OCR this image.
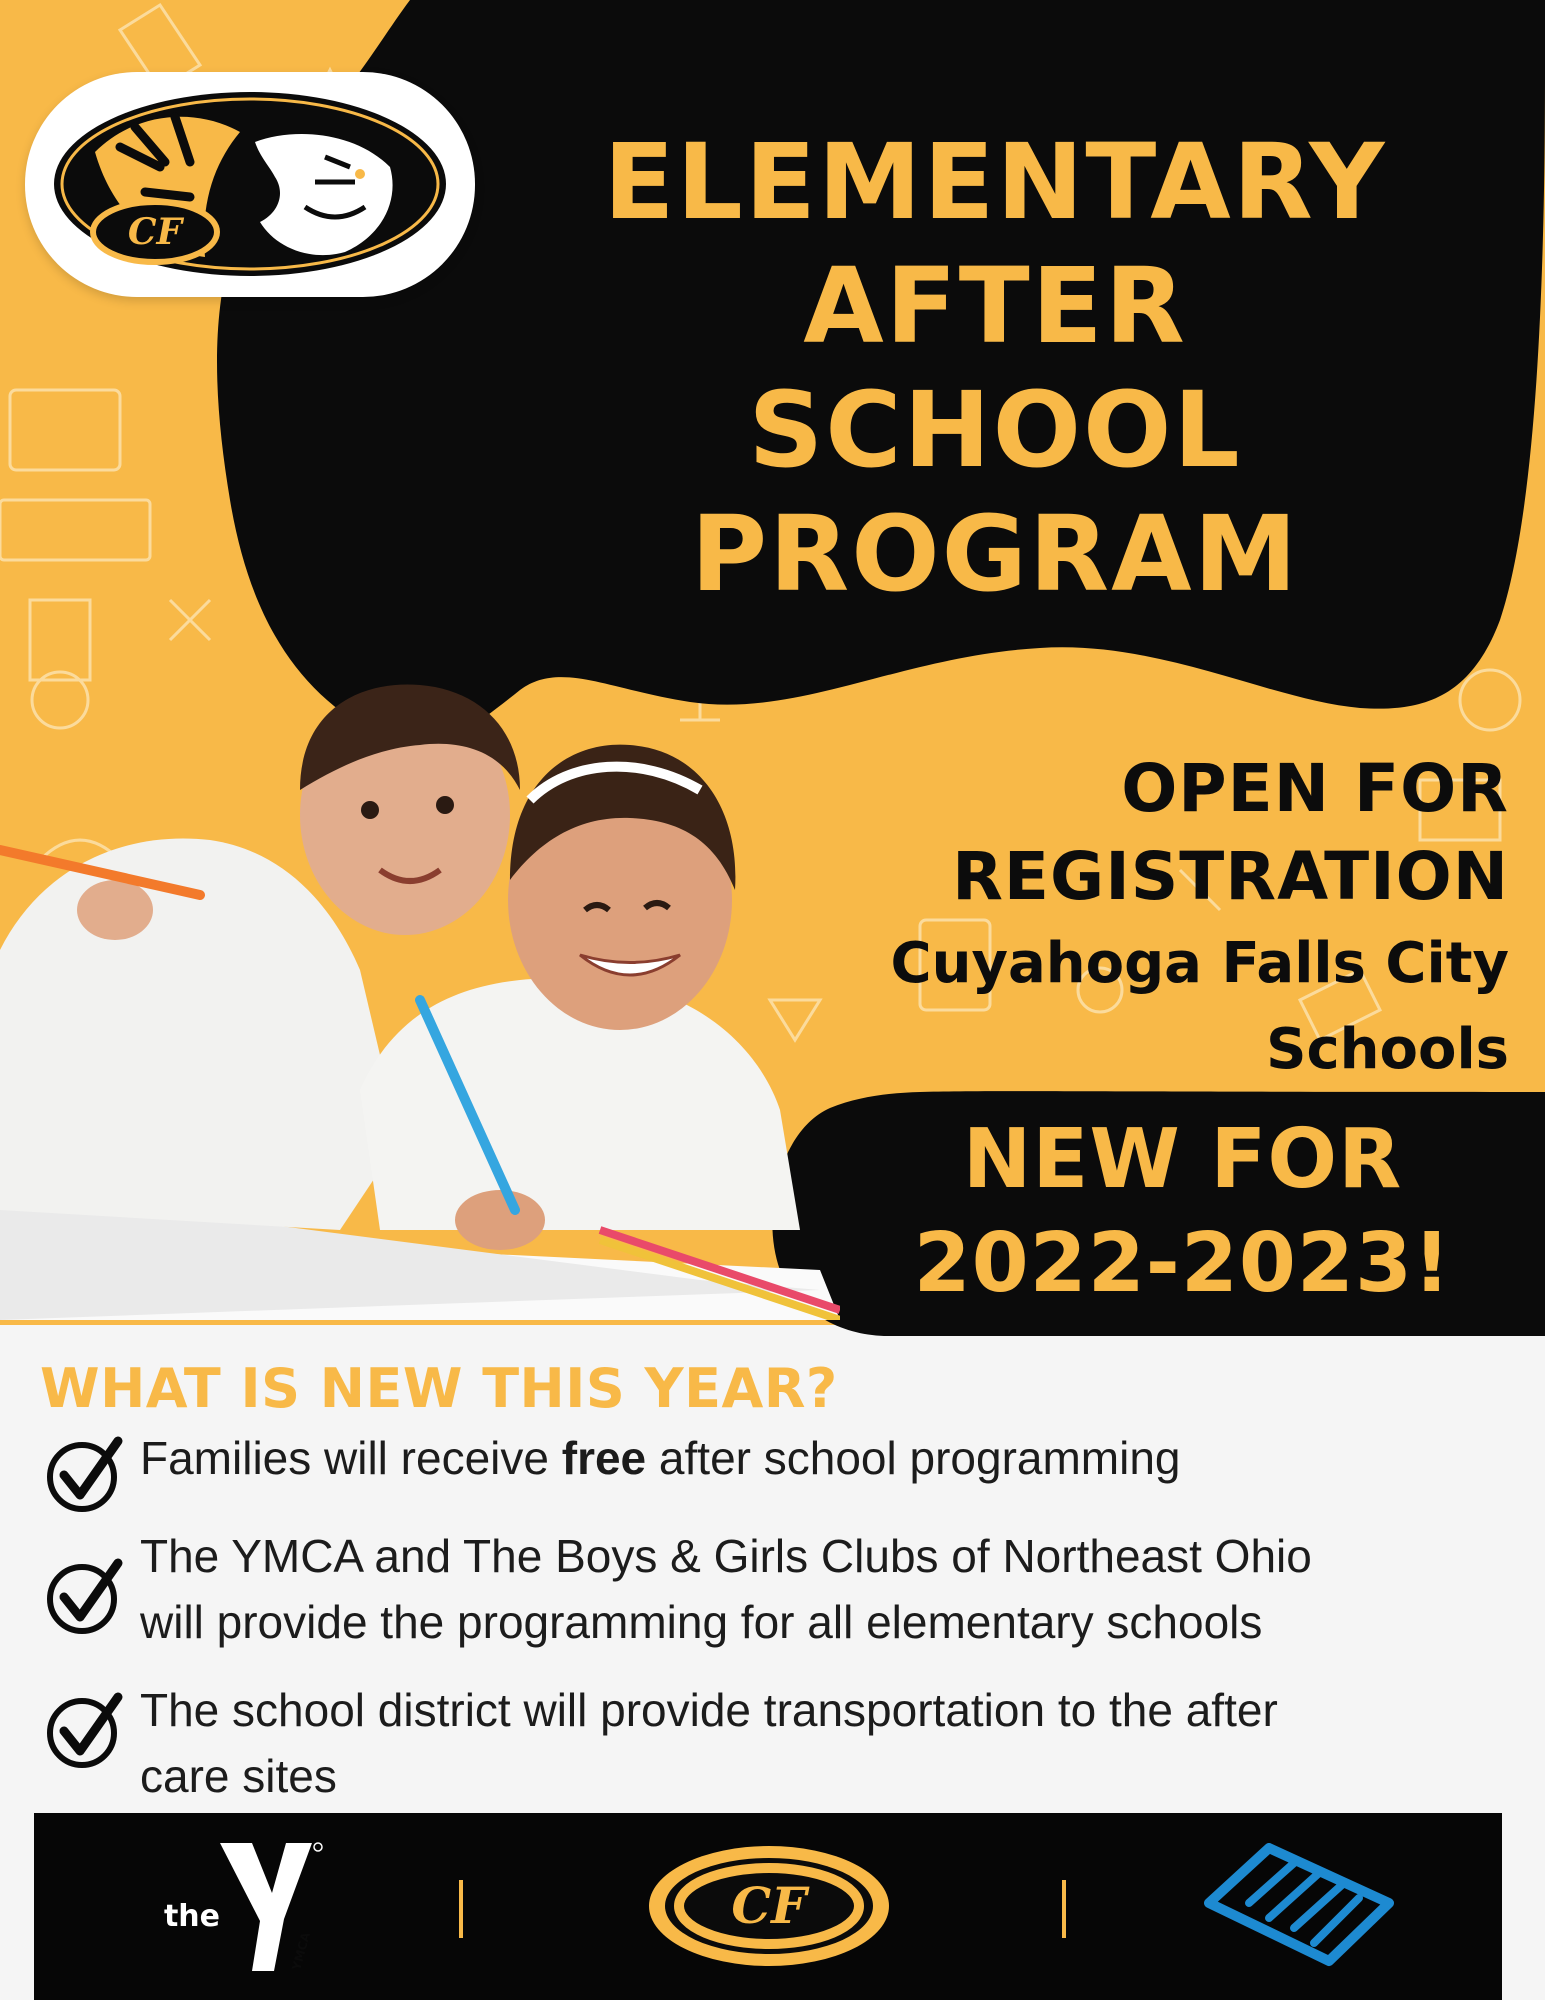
CF	ELEMENTARY
AFTER
SCHOOL
PROGRAM
OPEN FOR
REGISTRATION
Cuyahoga Falls City
Schools
NEW FOR
2022-2023!
WHAT IS NEW THIS YEAR?
Families will receive free after school programming
The YMCA and The Boys & Girls Clubs of Northeast Ohio
will provide the programming for all elementary schools
The school district will provide transportation to the after
care sites
the
YMCA
CF
